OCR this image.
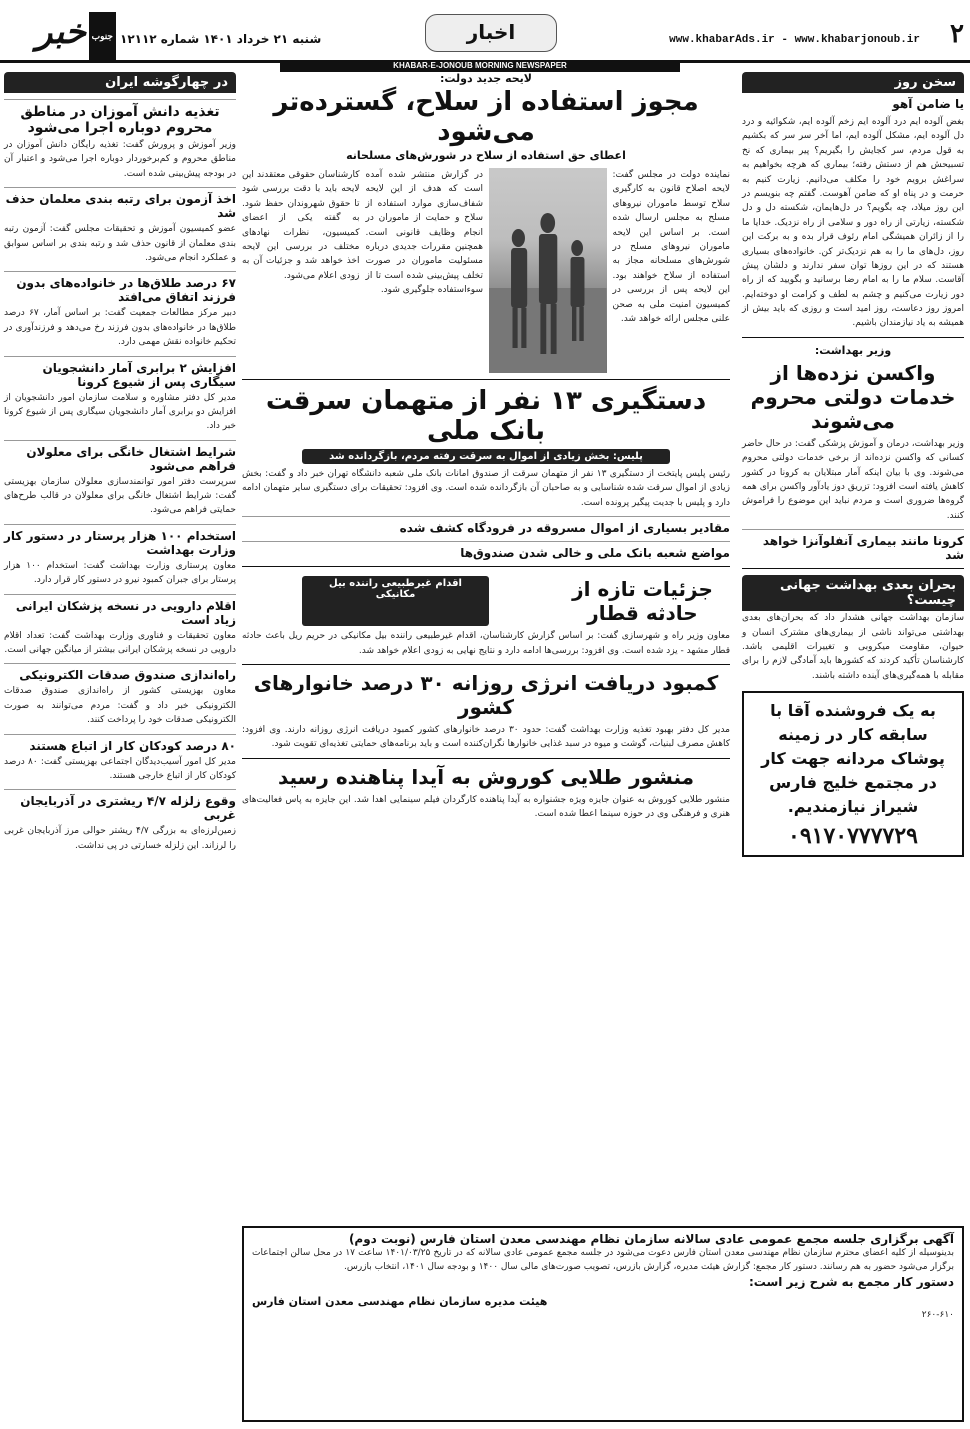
۲
www.khabarAds.ir - www.khabarjonoub.ir
اخبار
شنبه ۲۱ خرداد ۱۴۰۱ شماره ۱۲۱۱۲
خبر جنوب
KHABAR-E-JONOUB MORNING NEWSPAPER
سخن روز
یا ضامن آهو

بغض آلوده ایم درد آلوده ایم زخم آلوده ایم، شکوائیه و درد دل آلوده ایم، مشکل آلوده ایم، اما آخر سر سر که بکشیم به قول مردم، سر کجایش را بگیریم؟ پیر بیماری که نخ تسبیحش هم از دستش رفته؛ بیماری که هرچه بخواهیم به سراغش برویم خود را مکلف می‌دانیم. زیارت کنیم به حرمت و در پناه او که ضامن آهوست. گفتم چه بنویسم در این روز میلاد، چه بگویم؟ در دل‌هایمان، شکسته دل و دل شکسته، زیارتی از راه دور و سلامی از راه نزدیک. خدایا ما را از زائران همیشگی امام رئوف قرار بده و به برکت این روز، دل‌های ما را به هم نزدیک‌تر کن. خانواده‌های بسیاری هستند که در این روزها توان سفر ندارند و دلشان پیش آقاست. سلام ما را به امام رضا برسانید و بگویید که از راه دور زیارت می‌کنیم و چشم به لطف و کرامت او دوخته‌ایم. امروز روز دعاست، روز امید است و روزی که باید بیش از همیشه به یاد نیازمندان باشیم.

وزیر بهداشت:
واکسن نزده‌ها از خدمات دولتی محروم می‌شوند

وزیر بهداشت، درمان و آموزش پزشکی گفت: در حال حاضر کسانی که واکسن نزده‌اند از برخی خدمات دولتی محروم می‌شوند. وی با بیان اینکه آمار مبتلایان به کرونا در کشور کاهش یافته است افزود: تزریق دوز یادآور واکسن برای همه گروه‌ها ضروری است و مردم نباید این موضوع را فراموش کنند.

کرونا مانند بیماری آنفلوآنزا خواهد شد
بحران بعدی بهداشت جهانی چیست؟

سازمان بهداشت جهانی هشدار داد که بحران‌های بعدی بهداشتی می‌تواند ناشی از بیماری‌های مشترک انسان و حیوان، مقاومت میکروبی و تغییرات اقلیمی باشد. کارشناسان تأکید کردند که کشورها باید آمادگی لازم را برای مقابله با همه‌گیری‌های آینده داشته باشند.

به یک فروشنده آقا با سابقه کار در زمینه پوشاک مردانه جهت کار در مجتمع خلیج فارس شیراز نیازمندیم.
۰۹۱۷۰۷۷۷۷۲۹
لایحه جدید دولت:
مجوز استفاده از سلاح، گسترده‌تر می‌شود
اعطای حق استفاده از سلاح در شورش‌های مسلحانه

نماینده دولت در مجلس گفت: لایحه اصلاح قانون به کارگیری سلاح توسط ماموران نیروهای مسلح به مجلس ارسال شده است. بر اساس این لایحه ماموران نیروهای مسلح در شورش‌های مسلحانه مجاز به استفاده از سلاح خواهند بود. این لایحه پس از بررسی در کمیسیون امنیت ملی به صحن علنی مجلس ارائه خواهد شد.

در گزارش منتشر شده آمده است که هدف از این لایحه شفاف‌سازی موارد استفاده از سلاح و حمایت از ماموران در انجام وظایف قانونی است. همچنین مقررات جدیدی درباره مسئولیت ماموران در صورت تخلف پیش‌بینی شده است تا از سوءاستفاده جلوگیری شود.

کارشناسان حقوقی معتقدند این لایحه باید با دقت بررسی شود تا حقوق شهروندان حفظ شود. به گفته یکی از اعضای کمیسیون، نظرات نهادهای مختلف در بررسی این لایحه اخذ خواهد شد و جزئیات آن به زودی اعلام می‌شود.

دستگیری ۱۳ نفر از متهمان سرقت بانک ملی
پلیس: بخش زیادی از اموال به سرقت رفته مردم، بازگردانده شد

رئیس پلیس پایتخت از دستگیری ۱۳ نفر از متهمان سرقت از صندوق امانات بانک ملی شعبه دانشگاه تهران خبر داد و گفت: بخش زیادی از اموال سرقت شده شناسایی و به صاحبان آن بازگردانده شده است. وی افزود: تحقیقات برای دستگیری سایر متهمان ادامه دارد و پلیس با جدیت پیگیر پرونده است.

مقادیر بسیاری از اموال مسروقه در فرودگاه کشف شده
مواضع شعبه بانک ملی و خالی شدن صندوق‌ها
جزئیات تازه از حادثه قطار
اقدام غیرطبیعی راننده بیل مکانیکی

معاون وزیر راه و شهرسازی گفت: بر اساس گزارش کارشناسان، اقدام غیرطبیعی راننده بیل مکانیکی در حریم ریل باعث حادثه قطار مشهد - یزد شده است. وی افزود: بررسی‌ها ادامه دارد و نتایج نهایی به زودی اعلام خواهد شد.

کمبود دریافت انرژی روزانه ۳۰ درصد خانوارهای کشور

مدیر کل دفتر بهبود تغذیه وزارت بهداشت گفت: حدود ۳۰ درصد خانوارهای کشور کمبود دریافت انرژی روزانه دارند. وی افزود: کاهش مصرف لبنیات، گوشت و میوه در سبد غذایی خانوارها نگران‌کننده است و باید برنامه‌های حمایتی تغذیه‌ای تقویت شود.

منشور طلایی کوروش به آیدا پناهنده رسید

منشور طلایی کوروش به عنوان جایزه ویژه جشنواره به آیدا پناهنده کارگردان فیلم سینمایی اهدا شد. این جایزه به پاس فعالیت‌های هنری و فرهنگی وی در حوزه سینما اعطا شده است.

در چهارگوشه ایران
تغذیه دانش آموزان در مناطق محروم دوباره اجرا می‌شود

وزیر آموزش و پرورش گفت: تغذیه رایگان دانش آموزان در مناطق محروم و کم‌برخوردار دوباره اجرا می‌شود و اعتبار آن در بودجه پیش‌بینی شده است.

اخذ آزمون برای رتبه بندی معلمان حذف شد

عضو کمیسیون آموزش و تحقیقات مجلس گفت: آزمون رتبه بندی معلمان از قانون حذف شد و رتبه بندی بر اساس سوابق و عملکرد انجام می‌شود.

۶۷ درصد طلاق‌ها در خانواده‌های بدون فرزند اتفاق می‌افتد

دبیر مرکز مطالعات جمعیت گفت: بر اساس آمار، ۶۷ درصد طلاق‌ها در خانواده‌های بدون فرزند رخ می‌دهد و فرزندآوری در تحکیم خانواده نقش مهمی دارد.

افزایش ۲ برابری آمار دانشجویان سیگاری پس از شیوع کرونا

مدیر کل دفتر مشاوره و سلامت سازمان امور دانشجویان از افزایش دو برابری آمار دانشجویان سیگاری پس از شیوع کرونا خبر داد.

شرایط اشتغال خانگی برای معلولان فراهم می‌شود

سرپرست دفتر امور توانمندسازی معلولان سازمان بهزیستی گفت: شرایط اشتغال خانگی برای معلولان در قالب طرح‌های حمایتی فراهم می‌شود.

استخدام ۱۰۰ هزار پرستار در دستور کار وزارت بهداشت

معاون پرستاری وزارت بهداشت گفت: استخدام ۱۰۰ هزار پرستار برای جبران کمبود نیرو در دستور کار قرار دارد.

اقلام دارویی در نسخه پزشکان ایرانی زیاد است

معاون تحقیقات و فناوری وزارت بهداشت گفت: تعداد اقلام دارویی در نسخه پزشکان ایرانی بیشتر از میانگین جهانی است.

راه‌اندازی صندوق صدقات الکترونیکی

معاون بهزیستی کشور از راه‌اندازی صندوق صدقات الکترونیکی خبر داد و گفت: مردم می‌توانند به صورت الکترونیکی صدقات خود را پرداخت کنند.

۸۰ درصد کودکان کار از اتباع هستند

مدیر کل امور آسیب‌دیدگان اجتماعی بهزیستی گفت: ۸۰ درصد کودکان کار از اتباع خارجی هستند.

وقوع زلزله ۴/۷ ریشتری در آذربایجان غربی

زمین‌لرزه‌ای به بزرگی ۴/۷ ریشتر حوالی مرز آذربایجان غربی را لرزاند. این زلزله خسارتی در پی نداشت.

آگهی برگزاری جلسه مجمع عمومی عادی سالانه سازمان نظام مهندسی معدن استان فارس (نوبت دوم)

بدینوسیله از کلیه اعضای محترم سازمان نظام مهندسی معدن استان فارس دعوت می‌شود در جلسه مجمع عمومی عادی سالانه که در تاریخ ۱۴۰۱/۰۳/۲۵ ساعت ۱۷ در محل سالن اجتماعات برگزار می‌شود حضور به هم رسانند. دستور کار مجمع: گزارش هیئت مدیره، گزارش بازرس، تصویب صورت‌های مالی سال ۱۴۰۰ و بودجه سال ۱۴۰۱، انتخاب بازرس.

دستور کار مجمع به شرح زیر است:
هیئت مدیره سازمان نظام مهندسی معدن استان فارس
۲۶۰-۶۱۰
